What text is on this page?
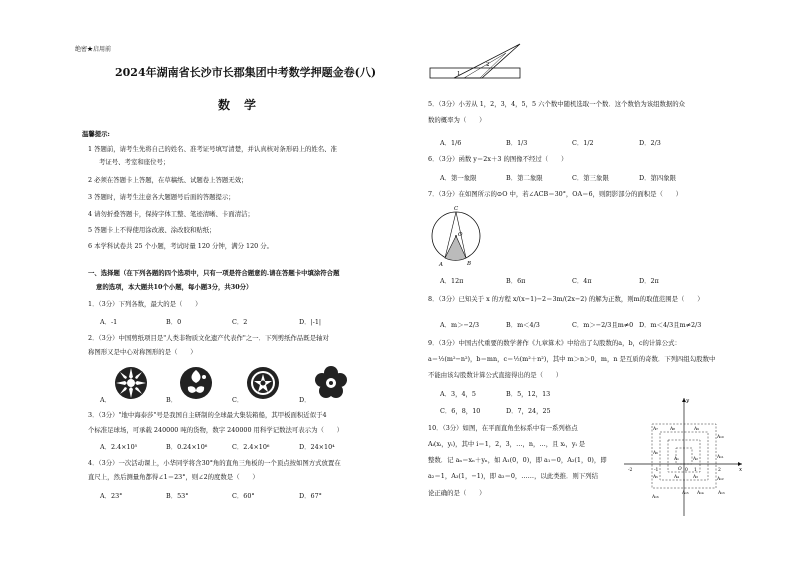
绝密★启用前
2024年湖南省长沙市长郡集团中考数学押题金卷(八)
数学
温馨提示:
1 答题前，请考生先将自己的姓名、准考证号填写清楚，并认真核对条形码上的姓名、准
考证号、考室和座位号；
2 必须在答题卡上答题，在草稿纸、试题卷上答题无效；
3 答题时，请考生注意各大题题号后面的答题提示；
4 请勿折叠答题卡，保持字体工整、笔迹清晰、卡面清洁；
5 答题卡上不得使用涂改液、涂改胶和贴纸；
6 本学科试卷共 25 个小题，考试时量 120 分钟，满分 120 分。
一、选择题（在下列各题的四个选项中，只有一项是符合题意的.请在答题卡中填涂符合题
意的选项，本大题共10个小题，每小题3分，共30分）
1．（3分）下列各数，最大的是（　　）
A．-1	B．0	C．2	D．|-1|
2．（3分）中国剪纸项目是"人类非物质文化遗产代表作"之一．下列剪纸作品既是轴对
称图形又是中心对称图形的是（　　）
A．	B．	C．	D．
3．（3分）"地中海泰莎"号是我国自主研制的全球最大集装箱船，其甲板面积近似于4
个标准足球场，可承载 240000 吨的货物，数字 240000 用科学记数法可表示为（　　）
A．2.4×10⁵	B．0.24×10⁶	C．2.4×10⁶	D．24×10⁴
4．（3分）一次活动课上，小华同学将含30°角的直角三角板的一个顶点按如图方式放置在
直尺上，然后测量角都得∠1＝23°，则∠2的度数是（　　）
A．23°	B．53°	C．60°	D．67°
1
2
5．（3分）小芳从 1，2，3，4，5，5 六个数中随机选取一个数．这个数恰为该组数据的众
数的概率为（　　）
A．1/6	B．1/3	C．1/2	D．2/3
6．（3分）函数 y＝2x＋3 的图像不经过（　　）
A．第一象限	B．第二象限	C．第三象限	D．第四象限
7．（3分）在如图所示的⊙O 中，若∠ACB＝30°，OA＝6，则阴影部分的面积是（　　）
C
O
A	B
A．12π	B．6π	C．4π	D．2π
8．（3分）已知关于 x 的方程 x/(x−1)−2＝3m/(2x−2) 的解为正数，则m的取值范围是（　　）
A．m＞−2/3	B．m＜4/3	C．m＞−2/3且m≠0 D．m＜4/3且m≠2/3
9．（3分）中国古代重要的数学著作《九章算术》中给出了勾股数的a，b，c的计算公式：
a＝½(m²−n²)，b＝mn，c＝½(m²＋n²)，其中 m＞n＞0，m，n 是互质的奇数．下列四组勾股数中
不能由该勾股数计算公式直接得出的是（　　）
A．3，4，5	B．5，12，13
C．6，8，10	D．7，24，25
10．（3分）如图，在平面直角坐标系中有一系列格点
Aᵢ(xᵢ，yᵢ)，其中 i＝1，2，3，…，n，…，且 xᵢ，yᵢ 是
整数．记 aₙ＝xₙ＋yₙ，如 A₁(0，0)，即 a₁＝0，A₂(1，0)，即
a₂＝1，A₃(1，−1)，即 a₃＝0，……，以此类推．则下列结
论正确的是（　　）
y
x
O
-2	-1	0 1	2
A₇	A₈	A₉
A₁₀
A₆
A₁	A₂	A₁₁
A₅	A₄	A₃	A₁₂
A₁₆
A₁₅ A₁₄	A₁₃
